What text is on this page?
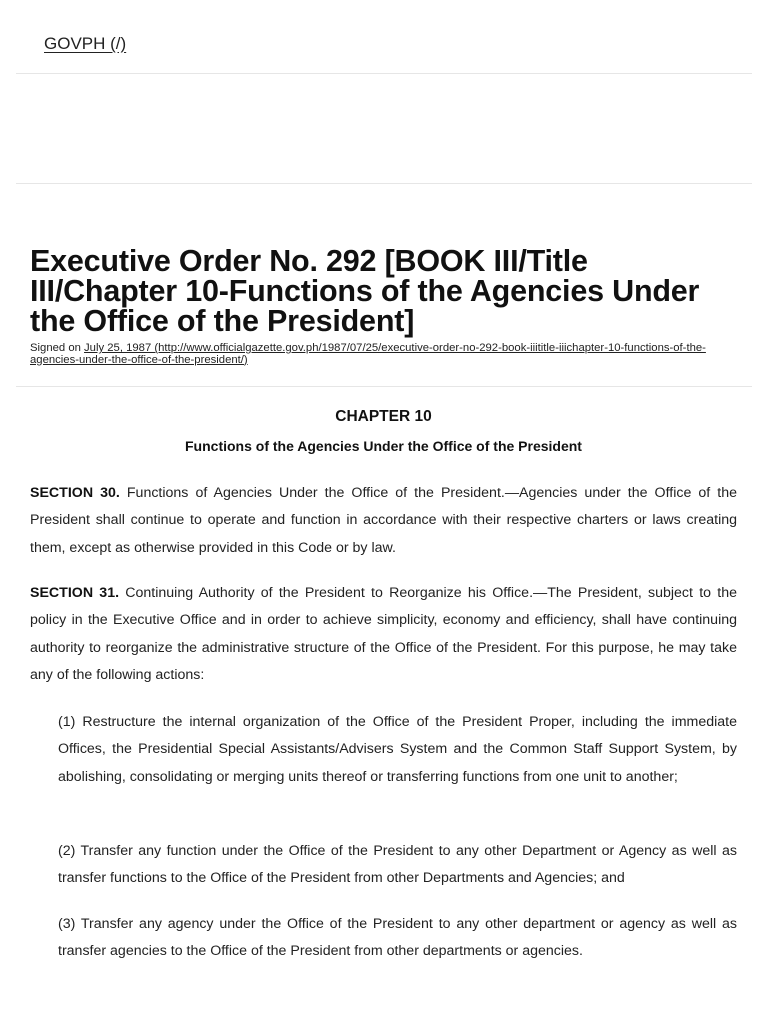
GOVPH (/)
Executive Order No. 292 [BOOK III/Title III/Chapter 10-Functions of the Agencies Under the Office of the President]
Signed on July 25, 1987 (http://www.officialgazette.gov.ph/1987/07/25/executive-order-no-292-book-iiititle-iiichapter-10-functions-of-the-agencies-under-the-office-of-the-president/)
CHAPTER 10
Functions of the Agencies Under the Office of the President

SECTION 30. Functions of Agencies Under the Office of the President.—Agencies under the Office of the President shall continue to operate and function in accordance with their respective charters or laws creating them, except as otherwise provided in this Code or by law.

SECTION 31. Continuing Authority of the President to Reorganize his Office.—The President, subject to the policy in the Executive Office and in order to achieve simplicity, economy and efficiency, shall have continuing authority to reorganize the administrative structure of the Office of the President. For this purpose, he may take any of the following actions:

(1) Restructure the internal organization of the Office of the President Proper, including the immediate Offices, the Presidential Special Assistants/Advisers System and the Common Staff Support System, by abolishing, consolidating or merging units thereof or transferring functions from one unit to another;

(2) Transfer any function under the Office of the President to any other Department or Agency as well as transfer functions to the Office of the President from other Departments and Agencies; and

(3) Transfer any agency under the Office of the President to any other department or agency as well as transfer agencies to the Office of the President from other departments or agencies.
